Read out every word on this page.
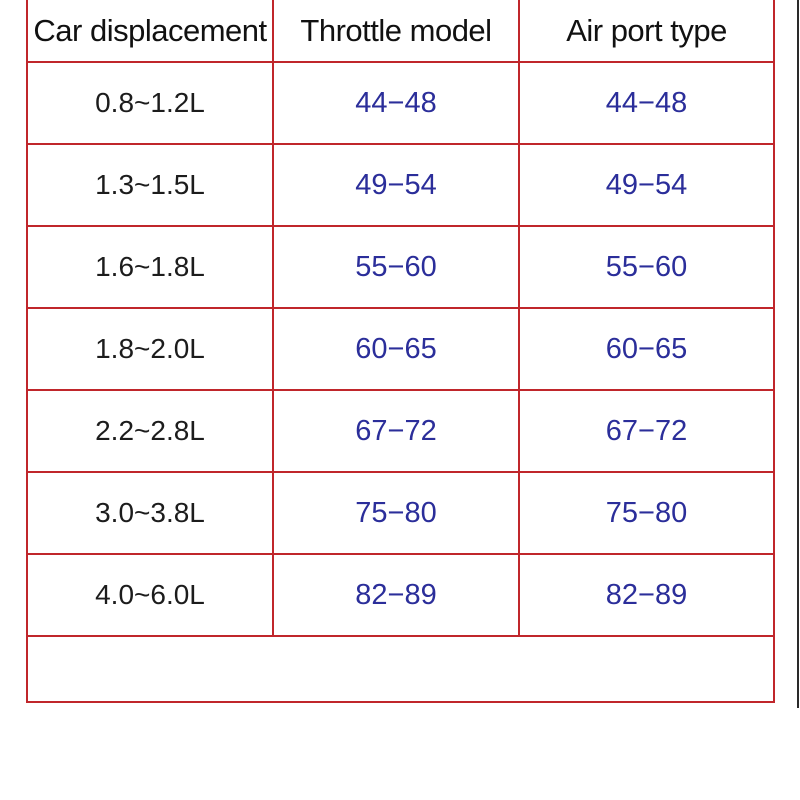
Car displacement	Throttle model	Air port type
0.8~1.2L	44−48	44−48
1.3~1.5L	49−54	49−54
1.6~1.8L	55−60	55−60
1.8~2.0L	60−65	60−65
2.2~2.8L	67−72	67−72
3.0~3.8L	75−80	75−80
4.0~6.0L	82−89	82−89
